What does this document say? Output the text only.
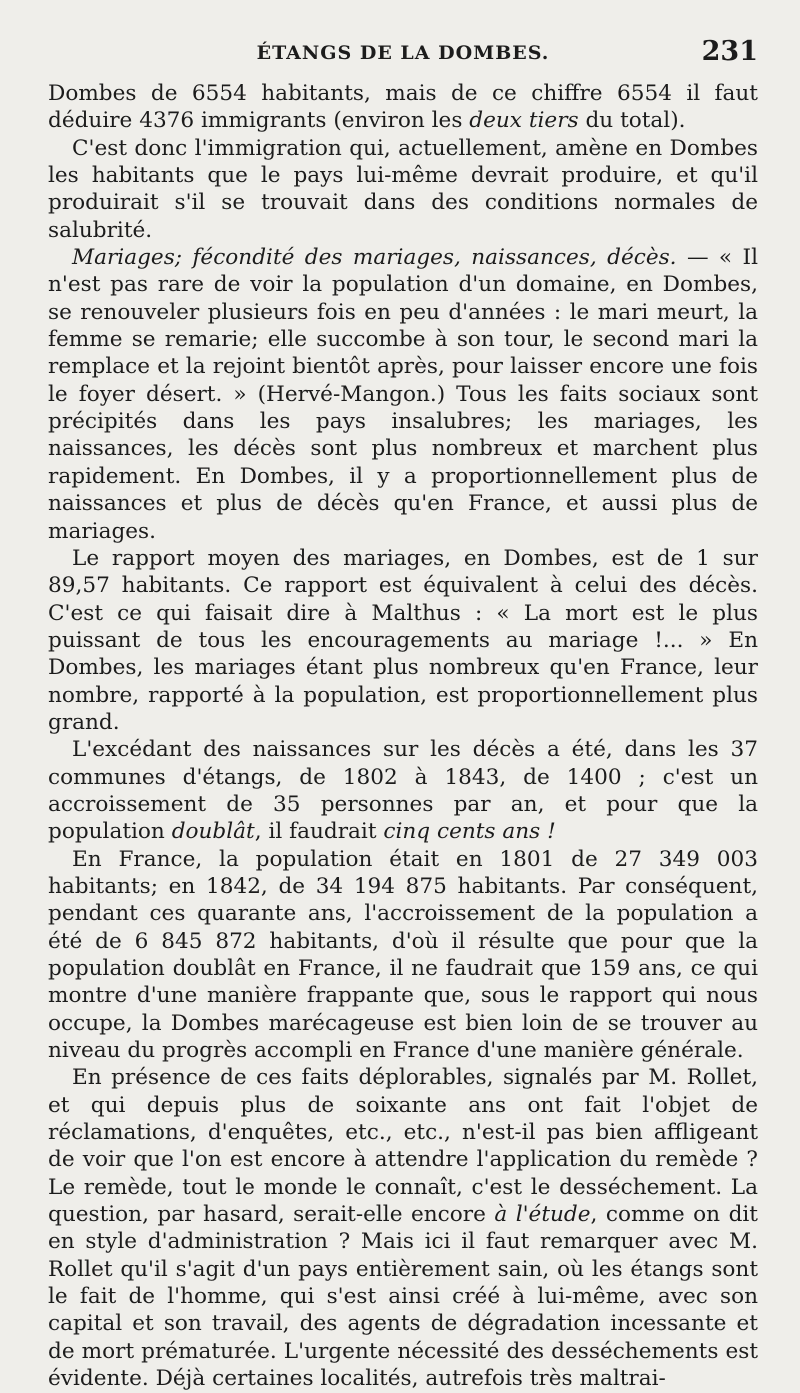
ÉTANGS DE LA DOMBES.	231

Dombes de 6554 habitants, mais de ce chiffre 6554 il faut déduire 4376 immigrants (environ les deux tiers du total).

C'est donc l'immigration qui, actuellement, amène en Dombes les habitants que le pays lui-même devrait produire, et qu'il produirait s'il se trouvait dans des conditions normales de salubrité.

Mariages; fécondité des mariages, naissances, décès. — « Il n'est pas rare de voir la population d'un domaine, en Dombes, se renouveler plusieurs fois en peu d'années : le mari meurt, la femme se remarie; elle succombe à son tour, le second mari la remplace et la rejoint bientôt après, pour laisser encore une fois le foyer désert. » (Hervé-Mangon.) Tous les faits sociaux sont précipités dans les pays insalubres; les mariages, les naissances, les décès sont plus nombreux et marchent plus rapidement. En Dombes, il y a proportionnellement plus de naissances et plus de décès qu'en France, et aussi plus de mariages.

Le rapport moyen des mariages, en Dombes, est de 1 sur 89,57 habitants. Ce rapport est équivalent à celui des décès. C'est ce qui faisait dire à Malthus : « La mort est le plus puissant de tous les encouragements au mariage !... » En Dombes, les mariages étant plus nombreux qu'en France, leur nombre, rapporté à la population, est proportionnellement plus grand.

L'excédant des naissances sur les décès a été, dans les 37 communes d'étangs, de 1802 à 1843, de 1400 ; c'est un accroissement de 35 personnes par an, et pour que la population doublât, il faudrait cinq cents ans !

En France, la population était en 1801 de 27 349 003 habitants; en 1842, de 34 194 875 habitants. Par conséquent, pendant ces quarante ans, l'accroissement de la population a été de 6 845 872 habitants, d'où il résulte que pour que la population doublât en France, il ne faudrait que 159 ans, ce qui montre d'une manière frappante que, sous le rapport qui nous occupe, la Dombes marécageuse est bien loin de se trouver au niveau du progrès accompli en France d'une manière générale.

En présence de ces faits déplorables, signalés par M. Rollet, et qui depuis plus de soixante ans ont fait l'objet de réclamations, d'enquêtes, etc., etc., n'est-il pas bien affligeant de voir que l'on est encore à attendre l'application du remède ? Le remède, tout le monde le connaît, c'est le desséchement. La question, par hasard, serait-elle encore à l'étude, comme on dit en style d'administration ? Mais ici il faut remarquer avec M. Rollet qu'il s'agit d'un pays entièrement sain, où les étangs sont le fait de l'homme, qui s'est ainsi créé à lui-même, avec son capital et son travail, des agents de dégradation incessante et de mort prématurée. L'urgente nécessité des desséchements est évidente. Déjà certaines localités, autrefois très maltrai-
